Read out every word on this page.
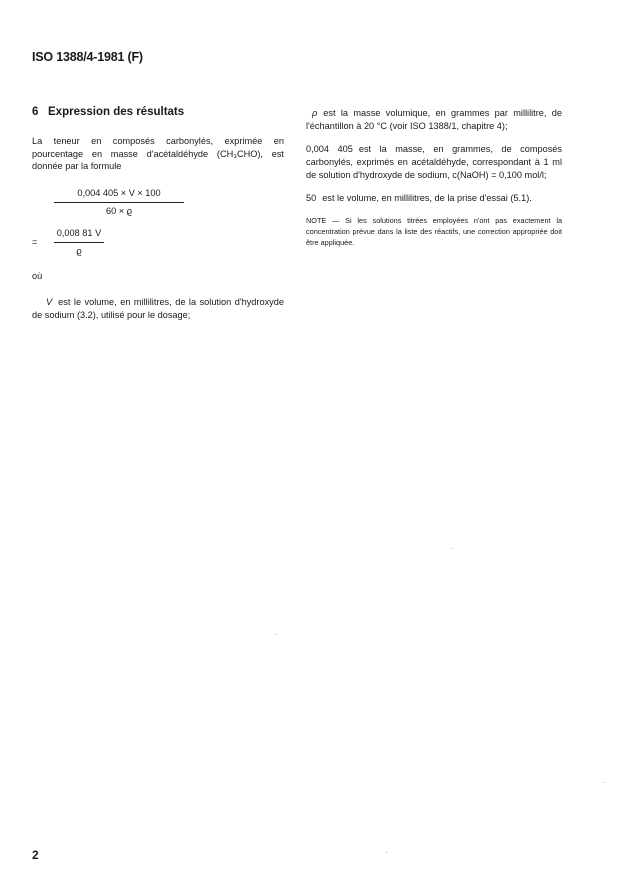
ISO 1388/4-1981 (F)
6 Expression des résultats

La teneur en composés carbonylés, exprimée en pourcentage en masse d'acétaldéhyde (CH₃CHO), est donnée par la formule

0,004 405 × V × 100
60 × ϱ
=	$\frac{0,008 81 V}{ϱ}$
où

V est le volume, en millilitres, de la solution d'hydroxyde de sodium (3.2), utilisé pour le dosage;

ρ est la masse volumique, en grammes par millilitre, de l'échantillon à 20 °C (voir ISO 1388/1, chapitre 4);

0,004 405 est la masse, en grammes, de composés carbonylés, exprimés en acétaldéhyde, correspondant à 1 ml de solution d'hydroxyde de sodium, c(NaOH) = 0,100 mol/l;

50 est le volume, en millilitres, de la prise d'essai (5.1).

NOTE — Si les solutions titrées employées n'ont pas exactement la concentration prévue dans la liste des réactifs, une correction appropriée doit être appliquée.

2
